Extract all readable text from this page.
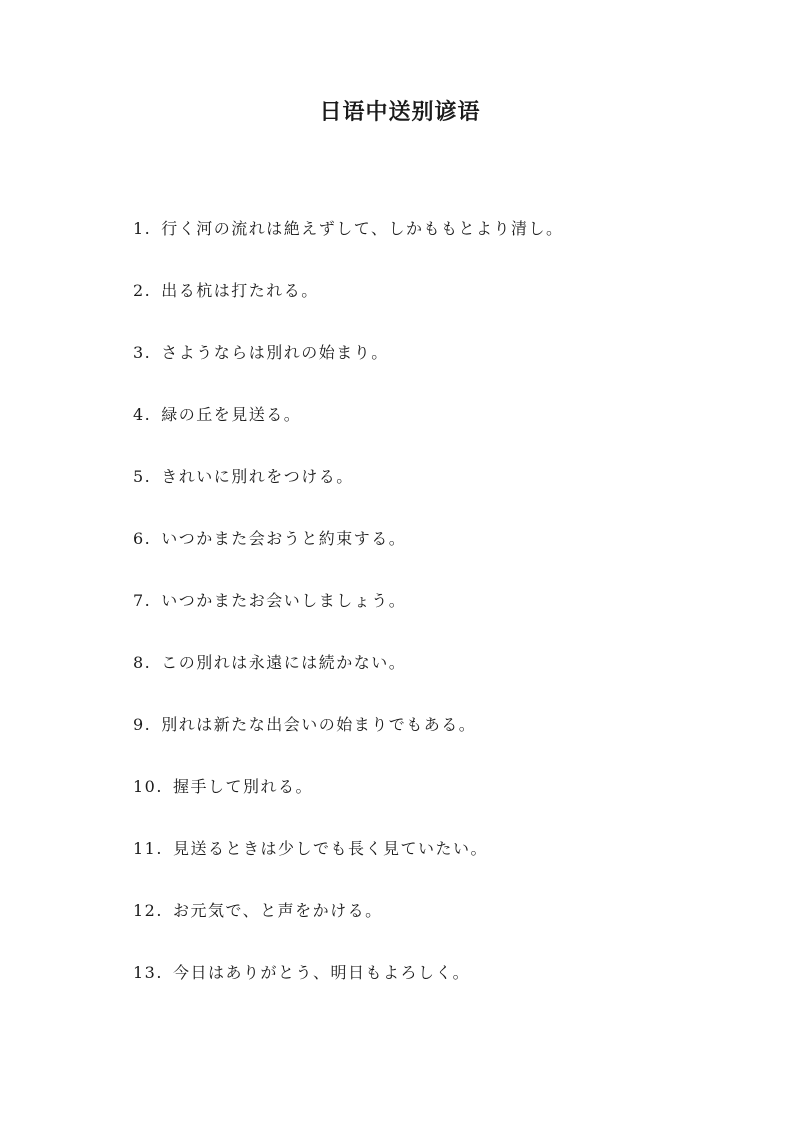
日语中送别谚语
1. 行く河の流れは絶えずして、しかももとより清し。
2. 出る杭は打たれる。
3. さようならは別れの始まり。
4. 緑の丘を見送る。
5. きれいに別れをつける。
6. いつかまた会おうと約束する。
7. いつかまたお会いしましょう。
8. この別れは永遠には続かない。
9. 別れは新たな出会いの始まりでもある。
10. 握手して別れる。
11. 見送るときは少しでも長く見ていたい。
12. お元気で、と声をかける。
13. 今日はありがとう、明日もよろしく。
